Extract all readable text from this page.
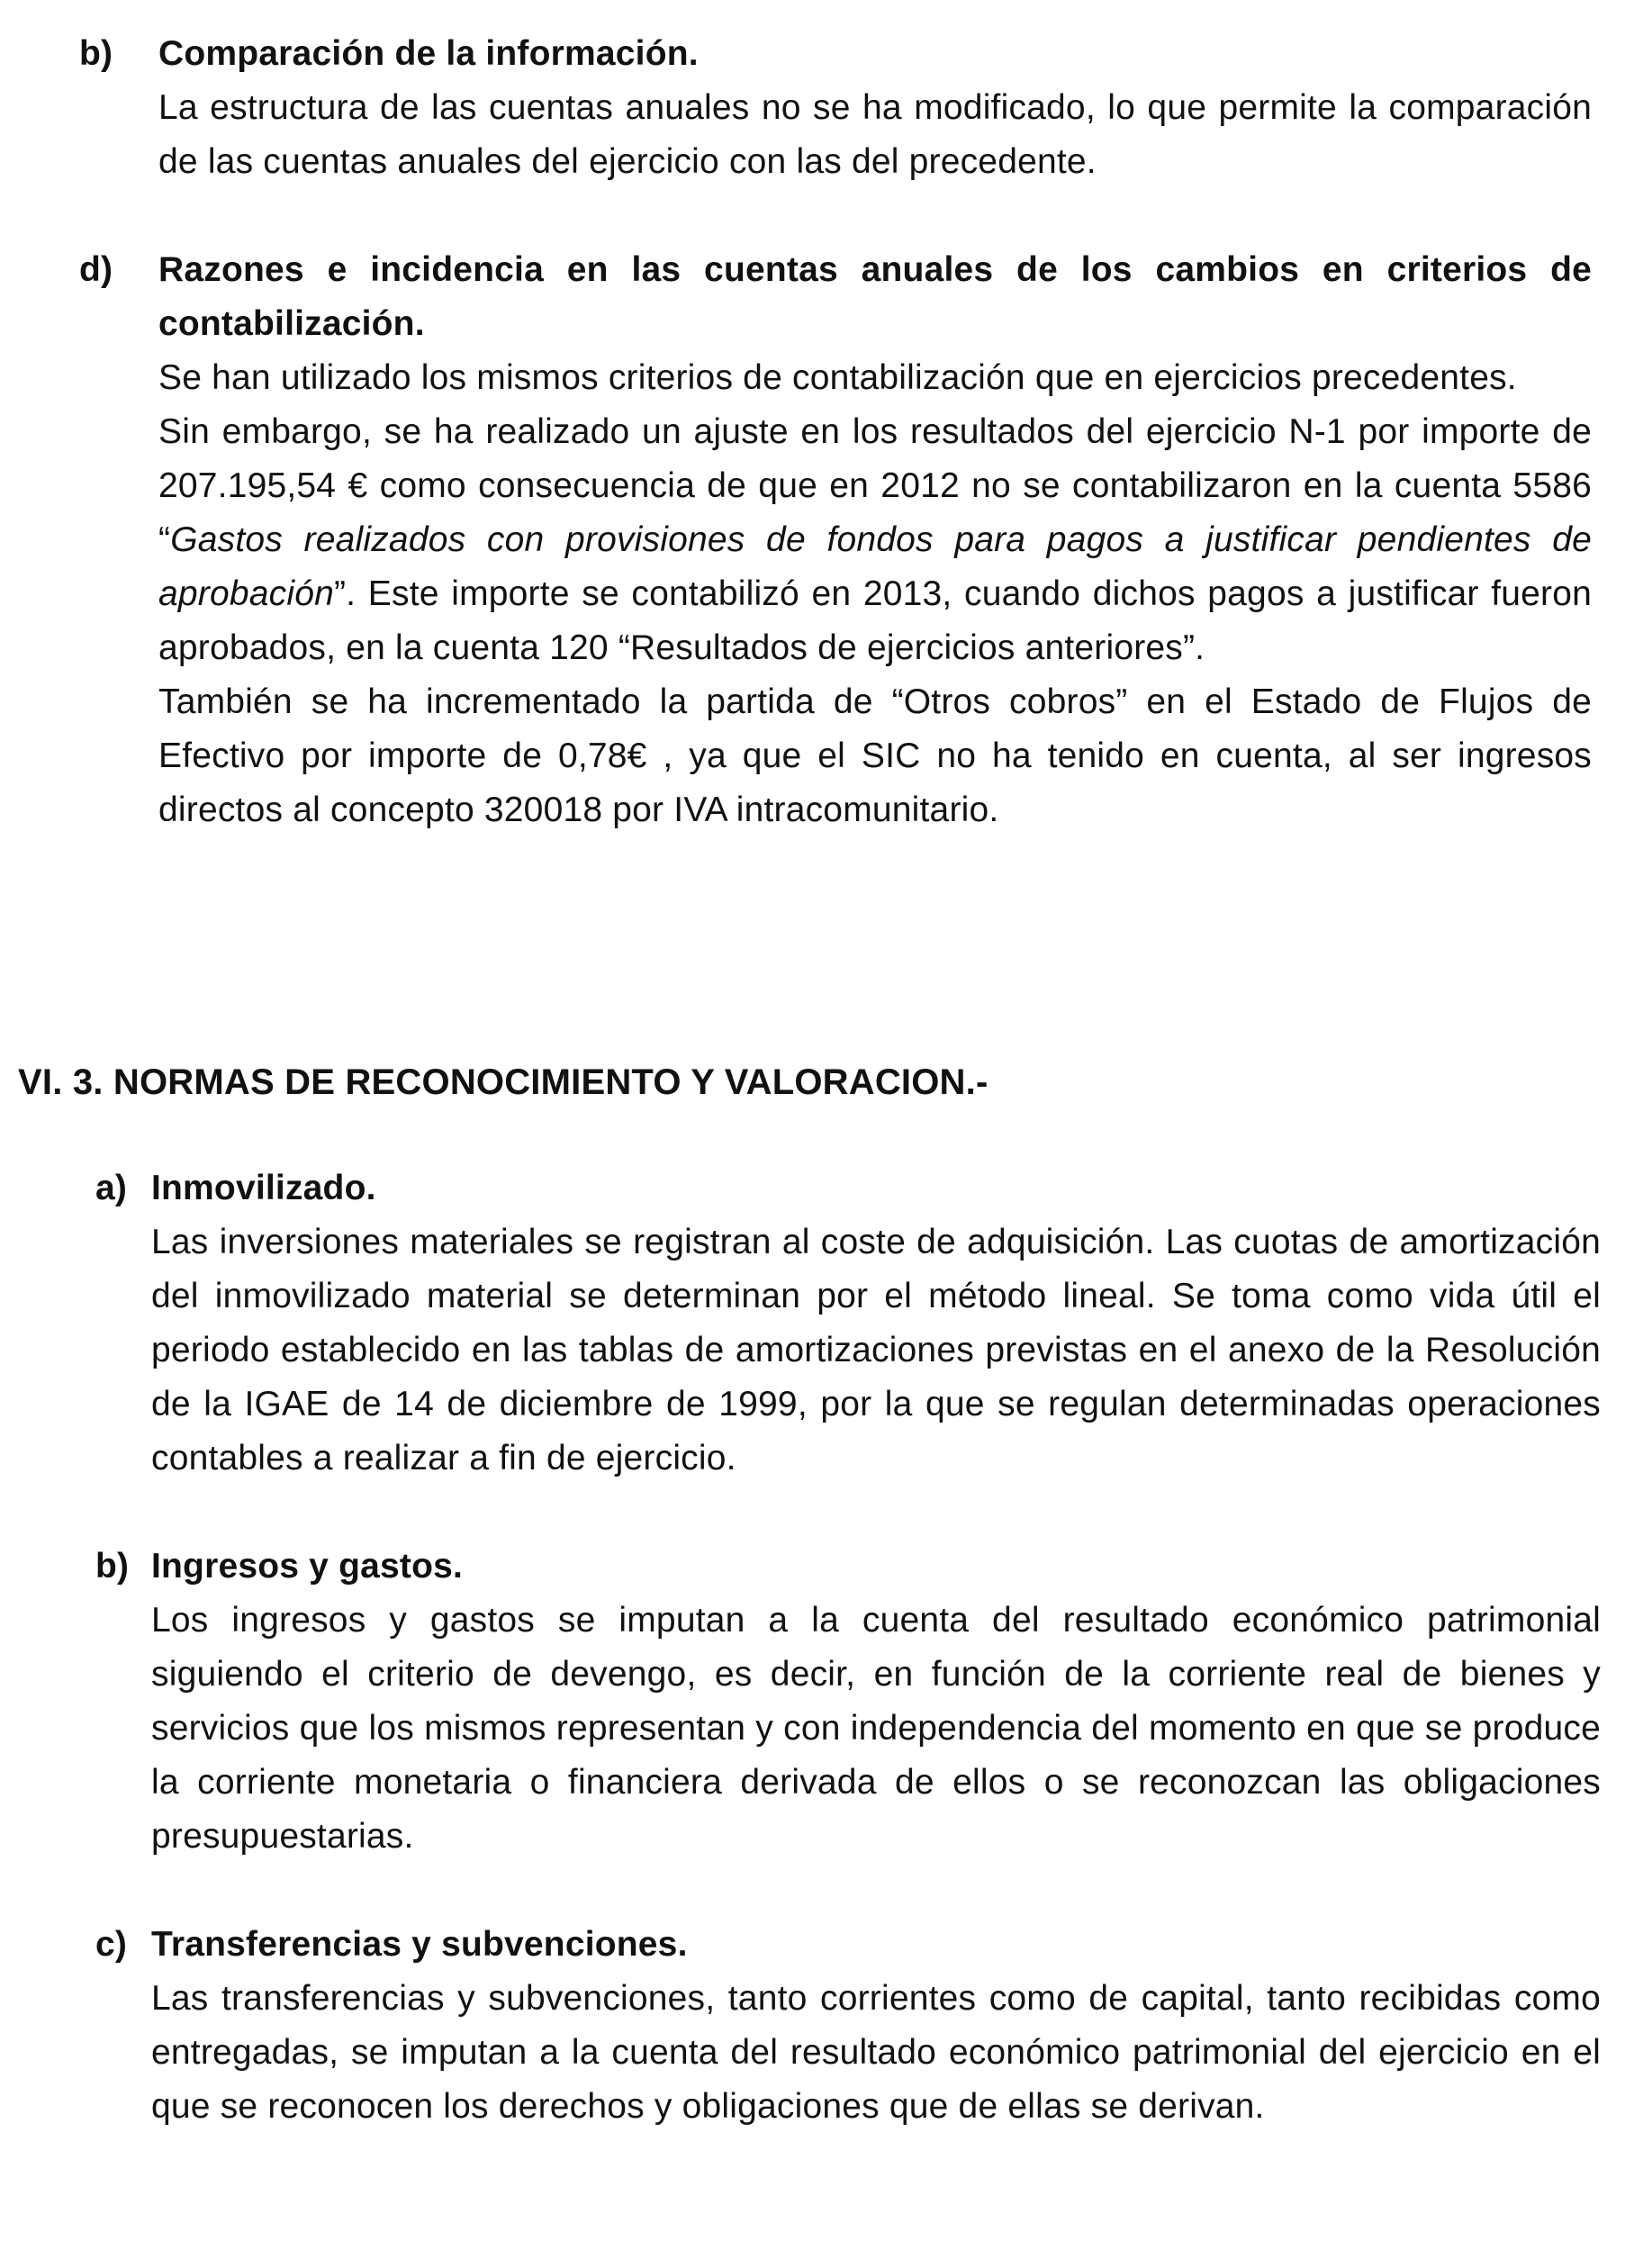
b)	Comparación de la información.

La estructura de las cuentas anuales no se ha modificado, lo que permite la comparación de las cuentas anuales del ejercicio con las del precedente.

d)	Razones e incidencia en las cuentas anuales de los cambios en criterios de contabilización.

Se han utilizado los mismos criterios de contabilización que en ejercicios precedentes.

Sin embargo, se ha realizado un ajuste en los resultados del ejercicio N-1 por importe de 207.195,54 € como consecuencia de que en 2012 no se contabilizaron en la cuenta 5586 “Gastos realizados con provisiones de fondos para pagos a justificar pendientes de aprobación”. Este importe se contabilizó en 2013, cuando dichos pagos a justificar fueron aprobados, en la cuenta 120 “Resultados de ejercicios anteriores”.

También se ha incrementado la partida de “Otros cobros” en el Estado de Flujos de Efectivo por importe de 0,78€ , ya que el SIC no ha tenido en cuenta, al ser ingresos directos al concepto 320018 por IVA intracomunitario.

VI. 3. NORMAS DE RECONOCIMIENTO Y VALORACION.-
a) Inmovilizado.

Las inversiones materiales se registran al coste de adquisición. Las cuotas de amortización del inmovilizado material se determinan por el método lineal. Se toma como vida útil el periodo establecido en las tablas de amortizaciones previstas en el anexo de la Resolución de la IGAE de 14 de diciembre de 1999, por la que se regulan determinadas operaciones contables a realizar a fin de ejercicio.

b) Ingresos y gastos.

Los ingresos y gastos se imputan a la cuenta del resultado económico patrimonial siguiendo el criterio de devengo, es decir, en función de la corriente real de bienes y servicios que los mismos representan y con independencia del momento en que se produce la corriente monetaria o financiera derivada de ellos o se reconozcan las obligaciones presupuestarias.

c) Transferencias y subvenciones.

Las transferencias y subvenciones, tanto corrientes como de capital, tanto recibidas como entregadas, se imputan a la cuenta del resultado económico patrimonial del ejercicio en el que se reconocen los derechos y obligaciones que de ellas se derivan.
